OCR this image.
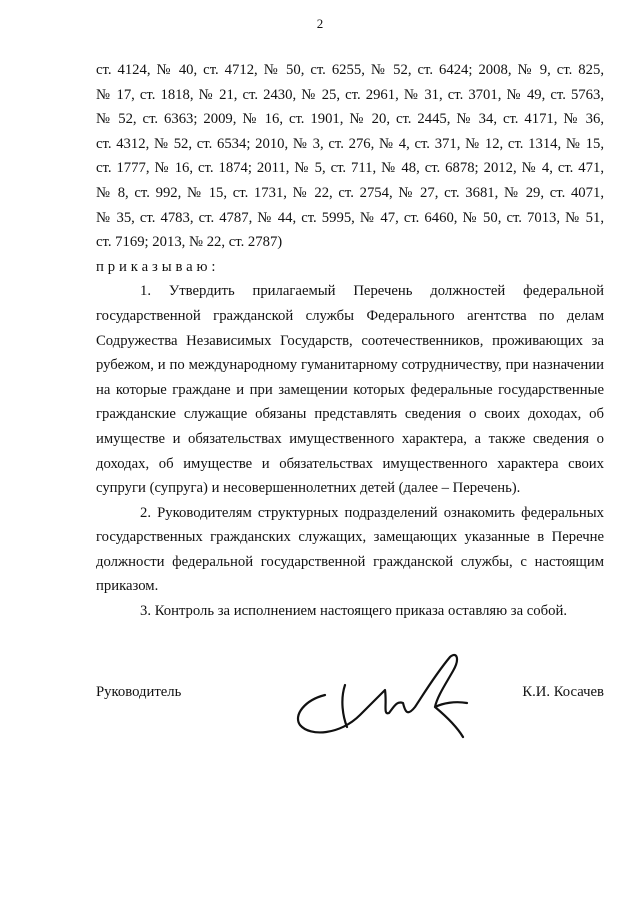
2

ст. 4124, № 40, ст. 4712, № 50, ст. 6255, № 52, ст. 6424; 2008, № 9, ст. 825,
№ 17, ст. 1818, № 21, ст. 2430, № 25, ст. 2961, № 31, ст. 3701, № 49, ст. 5763,
№ 52, ст. 6363; 2009, № 16, ст. 1901, № 20, ст. 2445, № 34, ст. 4171, № 36,
ст. 4312, № 52, ст. 6534; 2010, № 3, ст. 276, № 4, ст. 371, № 12, ст. 1314, № 15,
ст. 1777, № 16, ст. 1874; 2011, № 5, ст. 711, № 48, ст. 6878; 2012, № 4, ст. 471,
№ 8, ст. 992, № 15, ст. 1731, № 22, ст. 2754, № 27, ст. 3681, № 29, ст. 4071,
№ 35, ст. 4783, ст. 4787, № 44, ст. 5995, № 47, ст. 6460, № 50, ст. 7013, № 51,
ст. 7169; 2013, № 22, ст. 2787)

приказываю:

1. Утвердить прилагаемый Перечень должностей федеральной государственной гражданской службы Федерального агентства по делам Содружества Независимых Государств, соотечественников, проживающих за рубежом, и по международному гуманитарному сотрудничеству, при назначении на которые граждане и при замещении которых федеральные государственные гражданские служащие обязаны представлять сведения о своих доходах, об имуществе и обязательствах имущественного характера, а также сведения о доходах, об имуществе и обязательствах имущественного характера своих супруги (супруга) и несовершеннолетних детей (далее – Перечень).

2. Руководителям структурных подразделений ознакомить федеральных государственных гражданских служащих, замещающих указанные в Перечне должности федеральной государственной гражданской службы, с настоящим приказом.

3. Контроль за исполнением настоящего приказа оставляю за собой.

Руководитель	К.И. Косачев
